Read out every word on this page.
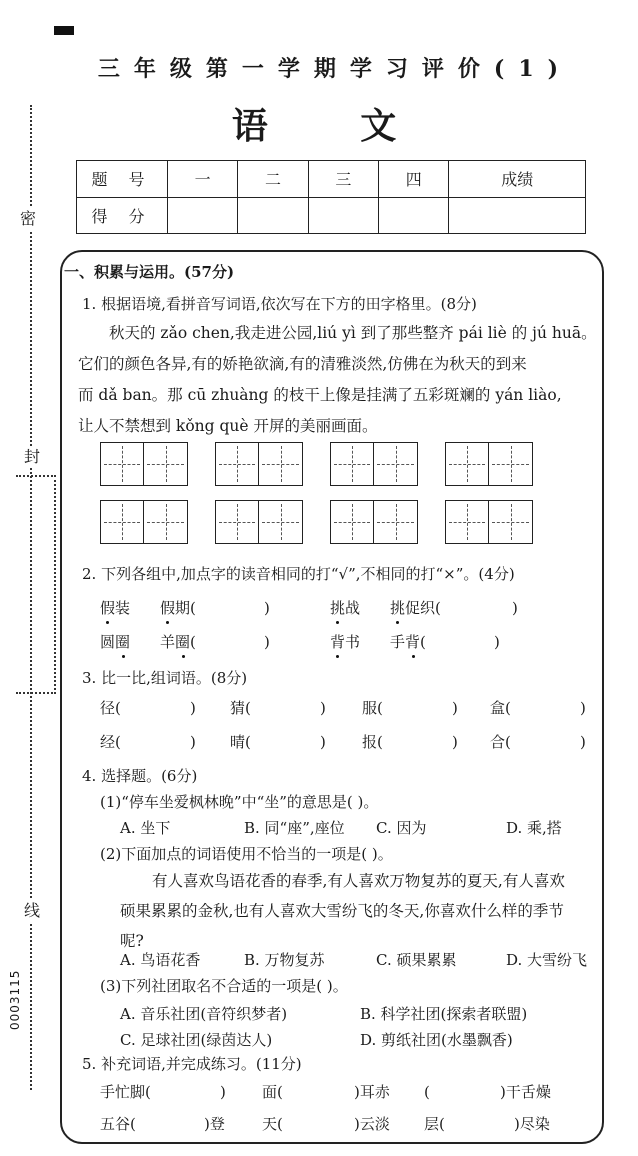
密
封
线
0003115
三年级第一学期学习评价(1)
语 文
题 号	一	二	三	四	成绩
得 分					
一、积累与运用。(57分)
1. 根据语境,看拼音写词语,依次写在下方的田字格里。(8分)
秋天的 zǎo chen,我走进公园,liú yì 到了那些整齐 pái liè 的 jú huā。
它们的颜色各异,有的娇艳欲滴,有的清雅淡然,仿佛在为秋天的到来
而 dǎ ban。那 cū zhuàng 的枝干上像是挂满了五彩斑斓的 yán liào,
让人不禁想到 kǒng què 开屏的美丽画面。
2. 下列各组中,加点字的读音相同的打“√”,不相同的打“×”。(4分)
假装 假期(	)	挑战 挑促织(	)
圆圈 羊圈(	)	背书 手背(	)
3. 比一比,组词语。(8分)
径(	) 猜(	) 服(	) 盒(	)
经(	) 晴(	) 报(	) 合(	)
4. 选择题。(6分)
(1)“停车坐爱枫林晚”中“坐”的意思是( )。
A. 坐下	B. 同“座”,座位 C. 因为	D. 乘,搭
(2)下面加点的词语使用不恰当的一项是( )。
有人喜欢鸟语花香的春季,有人喜欢万物复苏的夏天,有人喜欢
硕果累累的金秋,也有人喜欢大雪纷飞的冬天,你喜欢什么样的季节
呢?
A. 鸟语花香	B. 万物复苏	C. 硕果累累	D. 大雪纷飞
(3)下列社团取名不合适的一项是( )。
A. 音乐社团(音符织梦者)	B. 科学社团(探索者联盟)
C. 足球社团(绿茵达人)	D. 剪纸社团(水墨飘香)
5. 补充词语,并完成练习。(11分)
手忙脚(	) 面(	)耳赤 (	)干舌燥
五谷(	)登 天(	)云淡 层(	)尽染
